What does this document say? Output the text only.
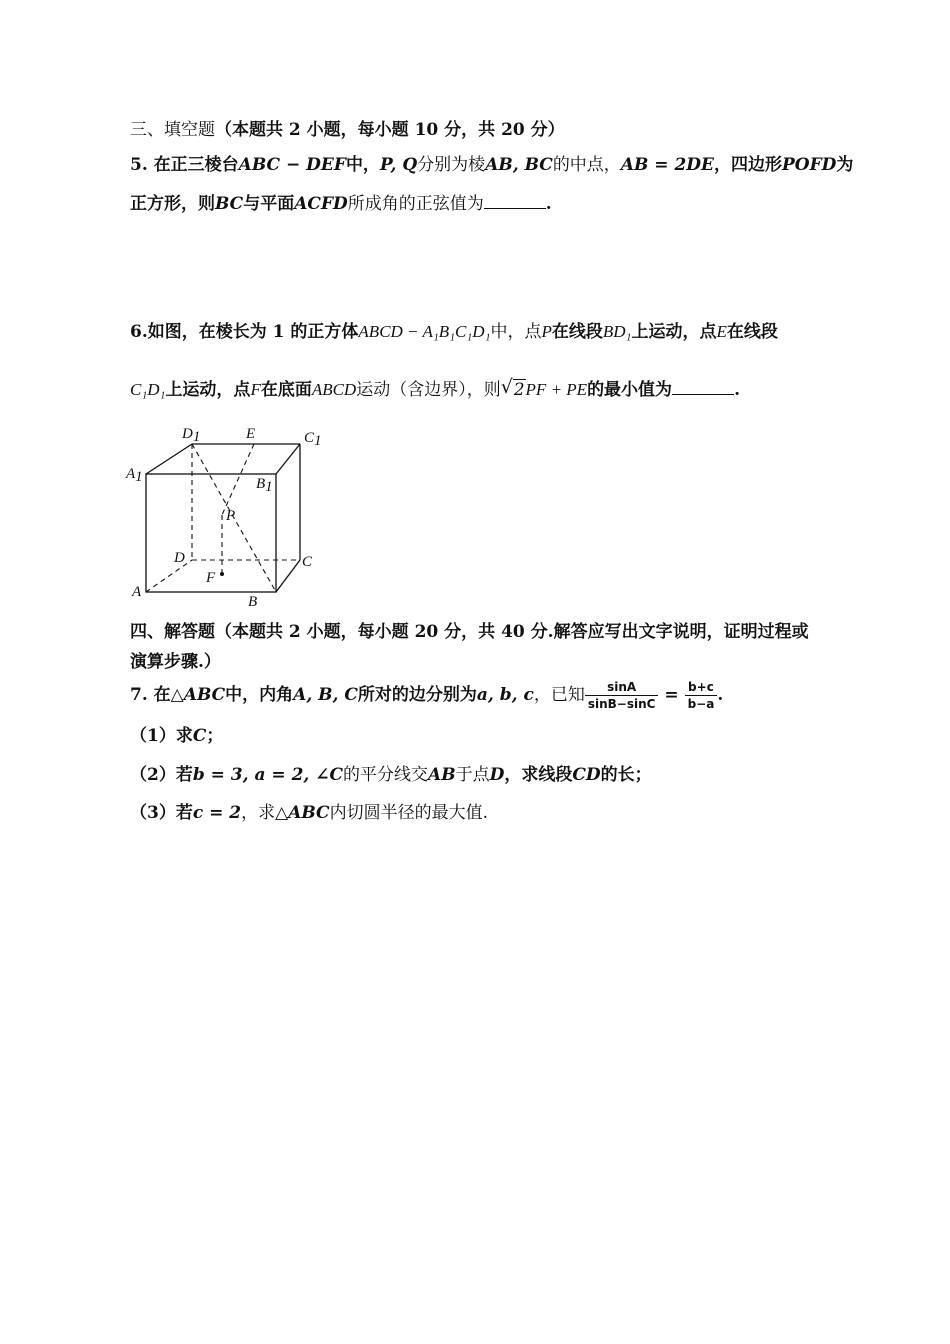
三、填空题（本题共 2 小题，每小题 10 分，共 20 分）
5. 在正三棱台ABC − DEF中，P, Q分别为棱AB, BC的中点，AB = 2DE，四边形POFD为
正方形，则BC与平面ACFD所成角的正弦值为	.
6.如图，在棱长为 1 的正方体ABCD − A₁B₁C₁D₁中，点P在线段BD₁上运动，点E在线段
C₁D₁上运动，点F在底面ABCD运动（含边界），则 √ 2PF + PE的最小值为	.
D1	E	C1
A1	B1
P
D	C
F
A
B
四、解答题（本题共 2 小题，每小题 20 分，共 40 分.解答应写出文字说明，证明过程或
演算步骤.）
7. 在△ABC中，内角A, B, C所对的边分别为a, b, c，已知 $\frac{\sin A}{\sin B-\sin C} = \frac{b+c}{b-a}$ .
（1）求C；
（2）若b = 3, a = 2, ∠C的平分线交AB于点D，求线段CD的长；
（3）若c = 2，求△ABC内切圆半径的最大值.
